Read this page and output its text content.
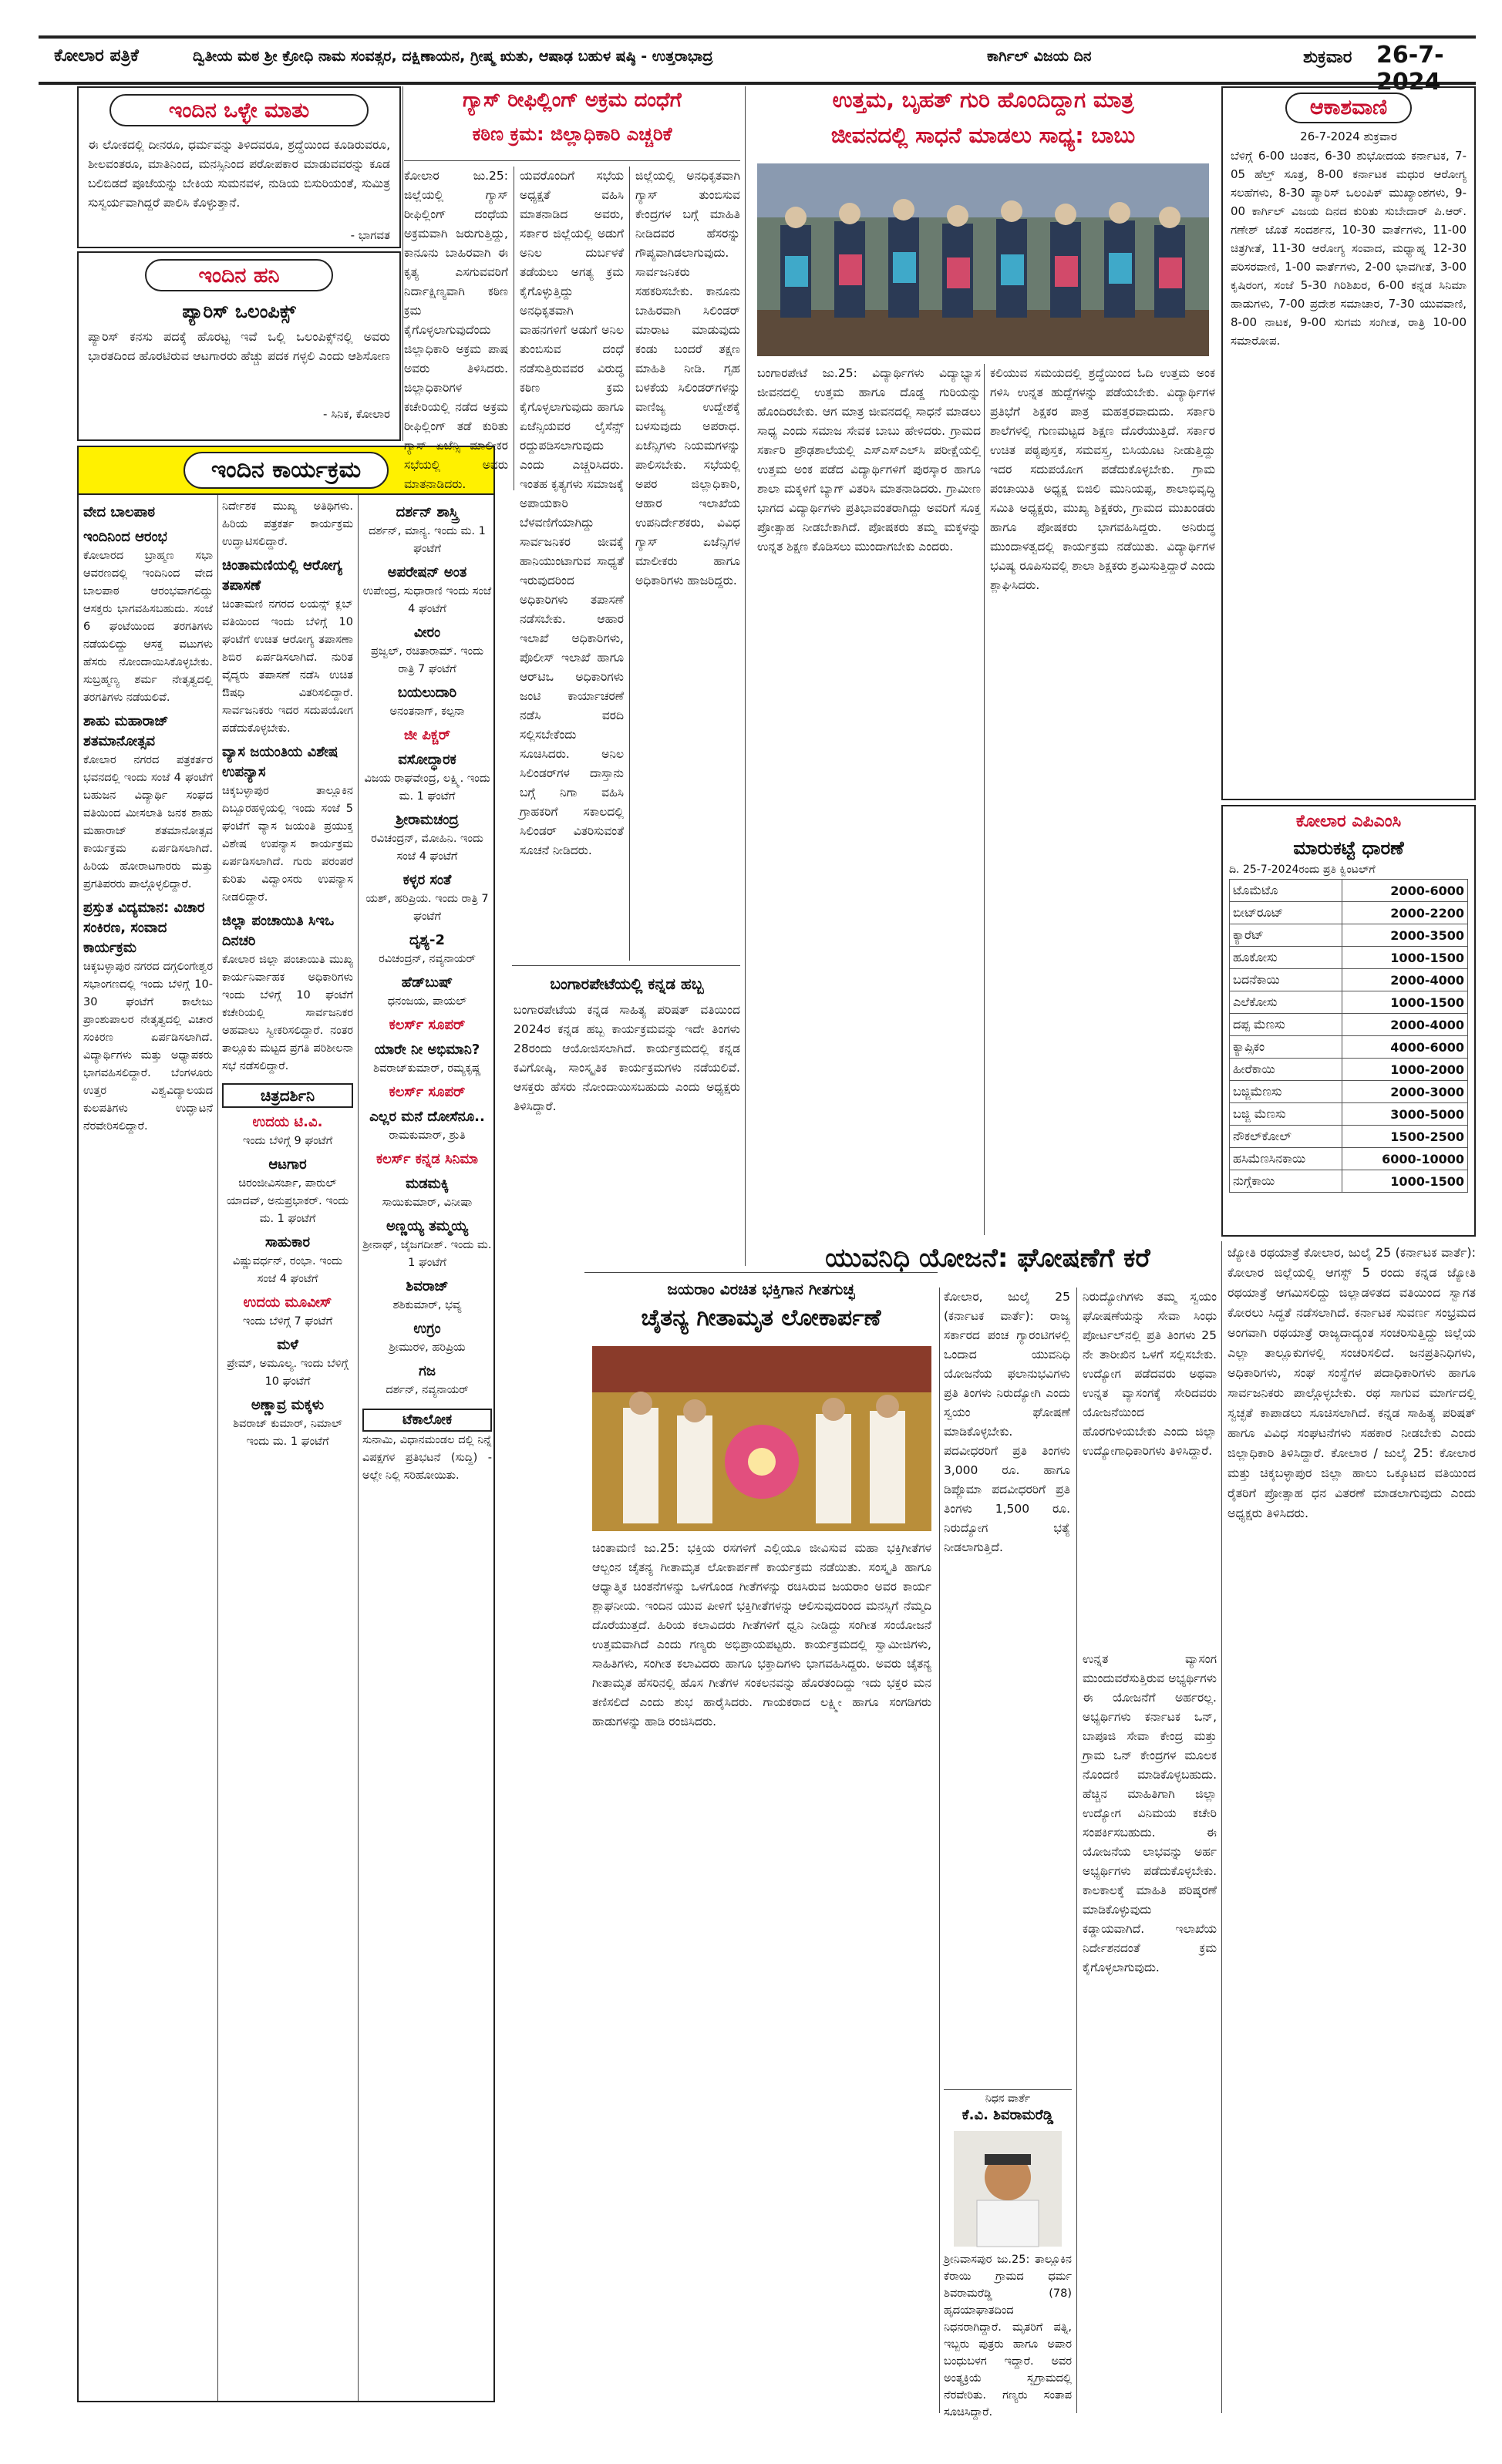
ಕೋಲಾರ ಪತ್ರಿಕೆ	ದ್ವಿತೀಯ ಮಠ ಶ್ರೀ ಕ್ರೋಧಿ ನಾಮ ಸಂವತ್ಸರ, ದಕ್ಷಿಣಾಯನ, ಗ್ರೀಷ್ಮ ಋತು, ಆಷಾಢ ಬಹುಳ ಷಷ್ಠಿ - ಉತ್ತರಾಭಾದ್ರ	ಕಾರ್ಗಿಲ್ ವಿಜಯ ದಿನ	ಶುಕ್ರವಾರ 26-7-2024
ಇಂದಿನ ಒಳ್ಳೇ ಮಾತು
ಈ ಲೋಕದಲ್ಲಿ ದೀನರೂ, ಧರ್ಮವನ್ನು ತಿಳಿದವರೂ, ಶ್ರದ್ಧೆಯಿಂದ ಕೂಡಿರುವರೂ, ಶೀಲವಂತರೂ, ಮಾತಿನಿಂದ, ಮನಸ್ಸಿನಿಂದ ಪರೋಪಕಾರ ಮಾಡುವವರನ್ನು ಕೂಡ ಬಲಿಬಿಡದೆ ಪೂಜೆಯನ್ನು ಬೇಕಿಯ ಸುಮನವಳ, ನುಡಿಯ ಬಿಸುರಿಯಂತೆ, ಸುಮಿತ್ರ ಸುಸ್ವರ್ಯವಾಗಿದ್ದರೆ ಪಾಲಿಸಿ ಕೊಳ್ಳುತ್ತಾನೆ.
- ಭಾಗವತ
ಇಂದಿನ ಹನಿ
ಪ್ಯಾರಿಸ್ ಒಲಂಪಿಕ್ಸ್
ಪ್ಯಾರಿಸ್ ಕನಸು ಪದಕ್ಕೆ ಹೊರಟ್ಟ ಇವೆ ಒಲ್ಲಿ ಒಲಂಪಿಕ್ಸ್‌ನಲ್ಲಿ ಅವರು ಭಾರತದಿಂದ ಹೊರಟಿರುವ ಆಟಗಾರರು ಹೆಚ್ಚು ಪದಕ ಗಳ್ಳಲಿ ಎಂದು ಆಶಿಸೋಣ
- ಸಿನಿಕ, ಕೋಲಾರ
ಇಂದಿನ ಕಾರ್ಯಕ್ರಮ
ವೇದ ಬಾಲಪಾಠ
ಇಂದಿನಿಂದ ಆರಂಭ
ಕೋಲಾರದ ಬ್ರಾಹ್ಮಣ ಸಭಾ ಆವರಣದಲ್ಲಿ ಇಂದಿನಿಂದ ವೇದ ಬಾಲಪಾಠ ಆರಂಭವಾಗಲಿದ್ದು ಆಸಕ್ತರು ಭಾಗವಹಿಸಬಹುದು. ಸಂಜೆ 6 ಘಂಟೆಯಿಂದ ತರಗತಿಗಳು ನಡೆಯಲಿದ್ದು ಆಸಕ್ತ ವಟುಗಳು ಹೆಸರು ನೋಂದಾಯಿಸಿಕೊಳ್ಳಬೇಕು. ಸುಬ್ರಹ್ಮಣ್ಯ ಶರ್ಮ ನೇತೃತ್ವದಲ್ಲಿ ತರಗತಿಗಳು ನಡೆಯಲಿವೆ.
ಶಾಹು ಮಹಾರಾಜ್ ಶತಮಾನೋತ್ಸವ
ಕೋಲಾರ ನಗರದ ಪತ್ರಕರ್ತರ ಭವನದಲ್ಲಿ ಇಂದು ಸಂಜೆ 4 ಘಂಟೆಗೆ ಬಹುಜನ ವಿದ್ಯಾರ್ಥಿ ಸಂಘದ ವತಿಯಿಂದ ಮೀಸಲಾತಿ ಜನಕ ಶಾಹು ಮಹಾರಾಜ್ ಶತಮಾನೋತ್ಸವ ಕಾರ್ಯಕ್ರಮ ಏರ್ಪಡಿಸಲಾಗಿದೆ. ಹಿರಿಯ ಹೋರಾಟಗಾರರು ಮತ್ತು ಪ್ರಗತಿಪರರು ಪಾಲ್ಗೊಳ್ಳಲಿದ್ದಾರೆ.
ಪ್ರಸ್ತುತ ವಿದ್ಯಮಾನ: ವಿಚಾರ ಸಂಕಿರಣ, ಸಂವಾದ ಕಾರ್ಯಕ್ರಮ
ಚಿಕ್ಕಬಳ್ಳಾಪುರ ನಗರದ ದಗ್ಗಲಿಂಗೇಶ್ವರ ಸಭಾಂಗಣದಲ್ಲಿ ಇಂದು ಬೆಳಿಗ್ಗೆ 10-30 ಘಂಟೆಗೆ ಕಾಲೇಜು ಪ್ರಾಂಶುಪಾಲರ ನೇತೃತ್ವದಲ್ಲಿ ವಿಚಾರ ಸಂಕಿರಣ ಏರ್ಪಡಿಸಲಾಗಿದೆ. ವಿದ್ಯಾರ್ಥಿಗಳು ಮತ್ತು ಅಧ್ಯಾಪಕರು ಭಾಗವಹಿಸಲಿದ್ದಾರೆ. ಬೆಂಗಳೂರು ಉತ್ತರ ವಿಶ್ವವಿದ್ಯಾಲಯದ ಕುಲಪತಿಗಳು ಉದ್ಘಾಟನೆ ನೆರವೇರಿಸಲಿದ್ದಾರೆ.
ನಿರ್ದೇಶಕ ಮುಖ್ಯ ಅತಿಥಿಗಳು. ಹಿರಿಯ ಪತ್ರಕರ್ತ ಕಾರ್ಯಕ್ರಮ ಉದ್ಘಾಟಿಸಲಿದ್ದಾರೆ.
ಚಿಂತಾಮಣಿಯಲ್ಲಿ ಆರೋಗ್ಯ ತಪಾಸಣೆ
ಚಿಂತಾಮಣಿ ನಗರದ ಲಯನ್ಸ್ ಕ್ಲಬ್ ವತಿಯಿಂದ ಇಂದು ಬೆಳಿಗ್ಗೆ 10 ಘಂಟೆಗೆ ಉಚಿತ ಆರೋಗ್ಯ ತಪಾಸಣಾ ಶಿಬಿರ ಏರ್ಪಡಿಸಲಾಗಿದೆ. ನುರಿತ ವೈದ್ಯರು ತಪಾಸಣೆ ನಡೆಸಿ ಉಚಿತ ಔಷಧಿ ವಿತರಿಸಲಿದ್ದಾರೆ. ಸಾರ್ವಜನಿಕರು ಇದರ ಸದುಪಯೋಗ ಪಡೆದುಕೊಳ್ಳಬೇಕು.
ವ್ಯಾಸ ಜಯಂತಿಯ ವಿಶೇಷ ಉಪನ್ಯಾಸ
ಚಿಕ್ಕಬಳ್ಳಾಪುರ ತಾಲ್ಲೂಕಿನ ದಿಬ್ಬೂರಹಳ್ಳಿಯಲ್ಲಿ ಇಂದು ಸಂಜೆ 5 ಘಂಟೆಗೆ ವ್ಯಾಸ ಜಯಂತಿ ಪ್ರಯುಕ್ತ ವಿಶೇಷ ಉಪನ್ಯಾಸ ಕಾರ್ಯಕ್ರಮ ಏರ್ಪಡಿಸಲಾಗಿದೆ. ಗುರು ಪರಂಪರೆ ಕುರಿತು ವಿದ್ವಾಂಸರು ಉಪನ್ಯಾಸ ನೀಡಲಿದ್ದಾರೆ.
ಜಿಲ್ಲಾ ಪಂಚಾಯಿತಿ ಸಿಇಒ ದಿನಚರಿ
ಕೋಲಾರ ಜಿಲ್ಲಾ ಪಂಚಾಯಿತಿ ಮುಖ್ಯ ಕಾರ್ಯನಿರ್ವಾಹಕ ಅಧಿಕಾರಿಗಳು ಇಂದು ಬೆಳಿಗ್ಗೆ 10 ಘಂಟೆಗೆ ಕಚೇರಿಯಲ್ಲಿ ಸಾರ್ವಜನಿಕರ ಅಹವಾಲು ಸ್ವೀಕರಿಸಲಿದ್ದಾರೆ. ನಂತರ ತಾಲ್ಲೂಕು ಮಟ್ಟದ ಪ್ರಗತಿ ಪರಿಶೀಲನಾ ಸಭೆ ನಡೆಸಲಿದ್ದಾರೆ.
ಚಿತ್ರದರ್ಶಿನಿ
ಉದಯ ಟಿ.ವಿ.
ಇಂದು ಬೆಳಿಗ್ಗೆ 9 ಘಂಟೆಗೆ
ಆಟಗಾರ
ಚಿರಂಜೀವಿಸರ್ಜಾ, ಪಾರುಲ್ ಯಾದವ್, ಅನುಪ್ರಭಾಕರ್. ಇಂದು ಮ. 1 ಘಂಟೆಗೆ
ಸಾಹುಕಾರ
ವಿಷ್ಣುವರ್ಧನ್, ರಂಭಾ. ಇಂದು ಸಂಜೆ 4 ಘಂಟೆಗೆ
ಉದಯ ಮೂವೀಸ್
ಇಂದು ಬೆಳಿಗ್ಗೆ 7 ಘಂಟೆಗೆ
ಮಳೆ
ಪ್ರೇಮ್, ಅಮೂಲ್ಯ. ಇಂದು ಬೆಳಿಗ್ಗೆ 10 ಘಂಟೆಗೆ
ಅಣ್ಣಾವ್ರ ಮಕ್ಕಳು
ಶಿವರಾಜ್ ಕುಮಾರ್, ನಿಮಾಲ್ ಇಂದು ಮ. 1 ಘಂಟೆಗೆ
ದರ್ಶನ್ ಶಾಸ್ತ್ರಿ
ದರ್ಶನ್, ಮಾನ್ಯ. ಇಂದು ಮ. 1 ಘಂಟೆಗೆ
ಅಪರೇಷನ್ ಅಂತ
ಉಪೇಂದ್ರ, ಸುಧಾರಾಣಿ ಇಂದು ಸಂಜೆ 4 ಘಂಟೆಗೆ
ವೀರಂ
ಪ್ರಜ್ವಲ್, ರಚಿತಾರಾಮ್. ಇಂದು ರಾತ್ರಿ 7 ಘಂಟೆಗೆ
ಬಯಲುದಾರಿ
ಅನಂತನಾಗ್, ಕಲ್ಪನಾ
ಜೀ ಪಿಕ್ಚರ್
ವಸೋದ್ಧಾರಕ
ವಿಜಯ ರಾಘವೇಂದ್ರ, ಲಕ್ಷ್ಮಿ. ಇಂದು ಮ. 1 ಘಂಟೆಗೆ
ಶ್ರೀರಾಮಚಂದ್ರ
ರವಿಚಂದ್ರನ್, ಮೋಹಿನಿ. ಇಂದು ಸಂಜೆ 4 ಘಂಟೆಗೆ
ಕಳ್ಳರ ಸಂತೆ
ಯಶ್, ಹರಿಪ್ರಿಯ. ಇಂದು ರಾತ್ರಿ 7 ಘಂಟೆಗೆ
ದೃಶ್ಯ-2
ರವಿಚಂದ್ರನ್, ನವ್ಯನಾಯರ್
ಹೆಡ್‌ಬುಷ್
ಧನಂಜಯ, ಪಾಯಲ್
ಕಲರ್ಸ್ ಸೂಪರ್
ಯಾರೇ ನೀ ಅಭಿಮಾನಿ?
ಶಿವರಾಜ್‌ಕುಮಾರ್, ರಮ್ಯಕೃಷ್ಣ
ಕಲರ್ಸ್ ಸೂಪರ್
ಎಲ್ಲರ ಮನೆ ದೋಸೆನೂ..
ರಾಮಕುಮಾರ್, ಶ್ರುತಿ
ಕಲರ್ಸ್ ಕನ್ನಡ ಸಿನಿಮಾ
ಮಡಮಕ್ಕಿ
ಸಾಯಿಕುಮಾರ್, ವಿನೀಷಾ
ಅಣ್ಣಯ್ಯ ತಮ್ಮಯ್ಯ
ಶ್ರೀನಾಥ್, ಜೈಜಗದೀಶ್. ಇಂದು ಮ. 1 ಘಂಟೆಗೆ
ಶಿವರಾಜ್
ಶಶಿಕುಮಾರ್, ಭವ್ಯ
ಉಗ್ರಂ
ಶ್ರೀಮುರಳಿ, ಹರಿಪ್ರಿಯ
ಗಜ
ದರ್ಶನ್, ನವ್ಯನಾಯರ್
ಟೆಕಾಲೋಕ
ಸುನಾಮಿ, ವಿಧಾನಮಂಡಲ ದಲ್ಲಿ ನಿನ್ನೆ ವಿಪಕ್ಷಗಳ ಪ್ರತಿಭಟನೆ (ಸುದ್ದಿ) - ಅಲ್ಲೇ ನಿಲ್ಲಿ ಸರಿಹೋಯಿತು.
ಗ್ಯಾಸ್ ರೀಫಿಲ್ಲಿಂಗ್ ಅಕ್ರಮ ದಂಧೆಗೆ
ಕಠಿಣ ಕ್ರಮ: ಜಿಲ್ಲಾಧಿಕಾರಿ ಎಚ್ಚರಿಕೆ
ಕೋಲಾರ ಜು.25: ಜಿಲ್ಲೆಯಲ್ಲಿ ಗ್ಯಾಸ್ ರೀಫಿಲ್ಲಿಂಗ್ ದಂಧೆಯ ಅಕ್ರಮವಾಗಿ ಜರುಗುತ್ತಿದ್ದು, ಕಾನೂನು ಬಾಹಿರವಾಗಿ ಈ ಕೃತ್ಯ ಎಸಗುವವರಿಗೆ ನಿರ್ದಾಕ್ಷಿಣ್ಯವಾಗಿ ಕಠಿಣ ಕ್ರಮ ಕೈಗೊಳ್ಳಲಾಗುವುದೆಂದು ಜಿಲ್ಲಾಧಿಕಾರಿ ಅಕ್ರಮ ಪಾಷ ಅವರು ತಿಳಿಸಿದರು. ಜಿಲ್ಲಾಧಿಕಾರಿಗಳ ಕಚೇರಿಯಲ್ಲಿ ನಡೆದ ಅಕ್ರಮ ರೀಫಿಲ್ಲಿಂಗ್ ತಡೆ ಕುರಿತು ಗ್ಯಾಸ್ ಏಜೆನ್ಸಿ ಮಾಲೀಕರ ಸಭೆಯಲ್ಲಿ ಅವರು ಮಾತನಾಡಿದರು.
ಯವರೊಂದಿಗೆ ಸಭೆಯ ಅಧ್ಯಕ್ಷತೆ ವಹಿಸಿ ಮಾತನಾಡಿದ ಅವರು, ಸರ್ಕಾರ ಜಿಲ್ಲೆಯಲ್ಲಿ ಅಡುಗೆ ಅನಿಲ ದುರ್ಬಳಕೆ ತಡೆಯಲು ಅಗತ್ಯ ಕ್ರಮ ಕೈಗೊಳ್ಳುತ್ತಿದ್ದು ಅನಧಿಕೃತವಾಗಿ ವಾಹನಗಳಿಗೆ ಅಡುಗೆ ಅನಿಲ ತುಂಬಿಸುವ ದಂಧೆ ನಡೆಸುತ್ತಿರುವವರ ವಿರುದ್ಧ ಕಠಿಣ ಕ್ರಮ ಕೈಗೊಳ್ಳಲಾಗುವುದು ಹಾಗೂ ಏಜೆನ್ಸಿಯವರ ಲೈಸೆನ್ಸ್ ರದ್ದುಪಡಿಸಲಾಗುವುದು ಎಂದು ಎಚ್ಚರಿಸಿದರು. ಇಂತಹ ಕೃತ್ಯಗಳು ಸಮಾಜಕ್ಕೆ ಅಪಾಯಕಾರಿ ಬೆಳವಣಿಗೆಯಾಗಿದ್ದು ಸಾರ್ವಜನಿಕರ ಜೀವಕ್ಕೆ ಹಾನಿಯುಂಟಾಗುವ ಸಾಧ್ಯತೆ ಇರುವುದರಿಂದ ಅಧಿಕಾರಿಗಳು ತಪಾಸಣೆ ನಡೆಸಬೇಕು. ಆಹಾರ ಇಲಾಖೆ ಅಧಿಕಾರಿಗಳು, ಪೊಲೀಸ್ ಇಲಾಖೆ ಹಾಗೂ ಆರ್‌ಟಿಒ ಅಧಿಕಾರಿಗಳು ಜಂಟಿ ಕಾರ್ಯಾಚರಣೆ ನಡೆಸಿ ವರದಿ ಸಲ್ಲಿಸಬೇಕೆಂದು ಸೂಚಿಸಿದರು. ಅನಿಲ ಸಿಲಿಂಡರ್‌ಗಳ ದಾಸ್ತಾನು ಬಗ್ಗೆ ನಿಗಾ ವಹಿಸಿ ಗ್ರಾಹಕರಿಗೆ ಸಕಾಲದಲ್ಲಿ ಸಿಲಿಂಡರ್ ವಿತರಿಸುವಂತೆ ಸೂಚನೆ ನೀಡಿದರು.
ಜಿಲ್ಲೆಯಲ್ಲಿ ಅನಧಿಕೃತವಾಗಿ ಗ್ಯಾಸ್ ತುಂಬಿಸುವ ಕೇಂದ್ರಗಳ ಬಗ್ಗೆ ಮಾಹಿತಿ ನೀಡಿದವರ ಹೆಸರನ್ನು ಗೌಪ್ಯವಾಗಿಡಲಾಗುವುದು. ಸಾರ್ವಜನಿಕರು ಸಹಕರಿಸಬೇಕು. ಕಾನೂನು ಬಾಹಿರವಾಗಿ ಸಿಲಿಂಡರ್ ಮಾರಾಟ ಮಾಡುವುದು ಕಂಡು ಬಂದರೆ ತಕ್ಷಣ ಮಾಹಿತಿ ನೀಡಿ. ಗೃಹ ಬಳಕೆಯ ಸಿಲಿಂಡರ್‌ಗಳನ್ನು ವಾಣಿಜ್ಯ ಉದ್ದೇಶಕ್ಕೆ ಬಳಸುವುದು ಅಪರಾಧ. ಏಜೆನ್ಸಿಗಳು ನಿಯಮಗಳನ್ನು ಪಾಲಿಸಬೇಕು. ಸಭೆಯಲ್ಲಿ ಅಪರ ಜಿಲ್ಲಾಧಿಕಾರಿ, ಆಹಾರ ಇಲಾಖೆಯ ಉಪನಿರ್ದೇಶಕರು, ವಿವಿಧ ಗ್ಯಾಸ್ ಏಜೆನ್ಸಿಗಳ ಮಾಲೀಕರು ಹಾಗೂ ಅಧಿಕಾರಿಗಳು ಹಾಜರಿದ್ದರು.
ಬಂಗಾರಪೇಟೆಯಲ್ಲಿ ಕನ್ನಡ ಹಬ್ಬ
ಬಂಗಾರಪೇಟೆಯ ಕನ್ನಡ ಸಾಹಿತ್ಯ ಪರಿಷತ್ ವತಿಯಿಂದ 2024ರ ಕನ್ನಡ ಹಬ್ಬ ಕಾರ್ಯಕ್ರಮವನ್ನು ಇದೇ ತಿಂಗಳು 28ರಂದು ಆಯೋಜಿಸಲಾಗಿದೆ. ಕಾರ್ಯಕ್ರಮದಲ್ಲಿ ಕನ್ನಡ ಕವಿಗೋಷ್ಠಿ, ಸಾಂಸ್ಕೃತಿಕ ಕಾರ್ಯಕ್ರಮಗಳು ನಡೆಯಲಿವೆ. ಆಸಕ್ತರು ಹೆಸರು ನೋಂದಾಯಿಸಬಹುದು ಎಂದು ಅಧ್ಯಕ್ಷರು ತಿಳಿಸಿದ್ದಾರೆ.
ಉತ್ತಮ, ಬೃಹತ್ ಗುರಿ ಹೊಂದಿದ್ದಾಗ ಮಾತ್ರ
ಜೀವನದಲ್ಲಿ ಸಾಧನೆ ಮಾಡಲು ಸಾಧ್ಯ: ಬಾಬು
ಬಂಗಾರಪೇಟೆ ಜು.25: ವಿದ್ಯಾರ್ಥಿಗಳು ವಿದ್ಯಾಭ್ಯಾಸ ಜೀವನದಲ್ಲಿ ಉತ್ತಮ ಹಾಗೂ ದೊಡ್ಡ ಗುರಿಯನ್ನು ಹೊಂದಿರಬೇಕು. ಆಗ ಮಾತ್ರ ಜೀವನದಲ್ಲಿ ಸಾಧನೆ ಮಾಡಲು ಸಾಧ್ಯ ಎಂದು ಸಮಾಜ ಸೇವಕ ಬಾಬು ಹೇಳಿದರು. ಗ್ರಾಮದ ಸರ್ಕಾರಿ ಪ್ರೌಢಶಾಲೆಯಲ್ಲಿ ಎಸ್‌ಎಸ್‌ಎಲ್‌ಸಿ ಪರೀಕ್ಷೆಯಲ್ಲಿ ಉತ್ತಮ ಅಂಕ ಪಡೆದ ವಿದ್ಯಾರ್ಥಿಗಳಿಗೆ ಪುರಸ್ಕಾರ ಹಾಗೂ ಶಾಲಾ ಮಕ್ಕಳಿಗೆ ಬ್ಯಾಗ್ ವಿತರಿಸಿ ಮಾತನಾಡಿದರು. ಗ್ರಾಮೀಣ ಭಾಗದ ವಿದ್ಯಾರ್ಥಿಗಳು ಪ್ರತಿಭಾವಂತರಾಗಿದ್ದು ಅವರಿಗೆ ಸೂಕ್ತ ಪ್ರೋತ್ಸಾಹ ನೀಡಬೇಕಾಗಿದೆ. ಪೋಷಕರು ತಮ್ಮ ಮಕ್ಕಳನ್ನು ಉನ್ನತ ಶಿಕ್ಷಣ ಕೊಡಿಸಲು ಮುಂದಾಗಬೇಕು ಎಂದರು.
ಕಲಿಯುವ ಸಮಯದಲ್ಲಿ ಶ್ರದ್ಧೆಯಿಂದ ಓದಿ ಉತ್ತಮ ಅಂಕ ಗಳಿಸಿ ಉನ್ನತ ಹುದ್ದೆಗಳನ್ನು ಪಡೆಯಬೇಕು. ವಿದ್ಯಾರ್ಥಿಗಳ ಪ್ರತಿಭೆಗೆ ಶಿಕ್ಷಕರ ಪಾತ್ರ ಮಹತ್ತರವಾದುದು. ಸರ್ಕಾರಿ ಶಾಲೆಗಳಲ್ಲಿ ಗುಣಮಟ್ಟದ ಶಿಕ್ಷಣ ದೊರೆಯುತ್ತಿದೆ. ಸರ್ಕಾರ ಉಚಿತ ಪಠ್ಯಪುಸ್ತಕ, ಸಮವಸ್ತ್ರ, ಬಿಸಿಯೂಟ ನೀಡುತ್ತಿದ್ದು ಇದರ ಸದುಪಯೋಗ ಪಡೆದುಕೊಳ್ಳಬೇಕು. ಗ್ರಾಮ ಪಂಚಾಯಿತಿ ಅಧ್ಯಕ್ಷ ಬಿಜಿಲಿ ಮುನಿಯಪ್ಪ, ಶಾಲಾಭಿವೃದ್ಧಿ ಸಮಿತಿ ಅಧ್ಯಕ್ಷರು, ಮುಖ್ಯ ಶಿಕ್ಷಕರು, ಗ್ರಾಮದ ಮುಖಂಡರು ಹಾಗೂ ಪೋಷಕರು ಭಾಗವಹಿಸಿದ್ದರು. ಅನಿರುದ್ಧ ಮುಂದಾಳತ್ವದಲ್ಲಿ ಕಾರ್ಯಕ್ರಮ ನಡೆಯಿತು. ವಿದ್ಯಾರ್ಥಿಗಳ ಭವಿಷ್ಯ ರೂಪಿಸುವಲ್ಲಿ ಶಾಲಾ ಶಿಕ್ಷಕರು ಶ್ರಮಿಸುತ್ತಿದ್ದಾರೆ ಎಂದು ಶ್ಲಾಘಿಸಿದರು.
ಆಕಾಶವಾಣಿ
26-7-2024 ಶುಕ್ರವಾರ
ಬೆಳಿಗ್ಗೆ 6-00 ಚಿಂತನ, 6-30 ಶುಭೋದಯ ಕರ್ನಾಟಕ, 7-05 ಹೆಲ್ತ್ ಸೂತ್ರ, 8-00 ಕರ್ನಾಟಕ ಮಧುರ ಆರೋಗ್ಯ ಸಲಹೆಗಳು, 8-30 ಪ್ಯಾರಿಸ್ ಒಲಂಪಿಕ್ ಮುಖ್ಯಾಂಶಗಳು, 9-00 ಕಾರ್ಗಿಲ್ ವಿಜಯ ದಿನದ ಕುರಿತು ಸುಬೇದಾರ್ ಪಿ.ಆರ್. ಗಣೇಶ್ ಜೊತೆ ಸಂದರ್ಶನ, 10-30 ವಾರ್ತೆಗಳು, 11-00 ಚಿತ್ರಗೀತೆ, 11-30 ಆರೋಗ್ಯ ಸಂವಾದ, ಮಧ್ಯಾಹ್ನ 12-30 ಪರಿಸರವಾಣಿ, 1-00 ವಾರ್ತೆಗಳು, 2-00 ಭಾವಗೀತೆ, 3-00 ಕೃಷಿರಂಗ, ಸಂಜೆ 5-30 ಗಿರಿಶಿಖರ, 6-00 ಕನ್ನಡ ಸಿನಿಮಾ ಹಾಡುಗಳು, 7-00 ಪ್ರದೇಶ ಸಮಾಚಾರ, 7-30 ಯುವವಾಣಿ, 8-00 ನಾಟಕ, 9-00 ಸುಗಮ ಸಂಗೀತ, ರಾತ್ರಿ 10-00 ಸಮಾರೋಪ.
ಕೋಲಾರ ಎಪಿಎಂಸಿ
ಮಾರುಕಟ್ಟೆ ಧಾರಣೆ
ದಿ. 25-7-2024ರಂದು ಪ್ರತಿ ಕ್ವಿಂಟಲ್‌ಗೆ
ಟೊಮೆಟೊ	2000-6000
ಬೀಟ್‌ರೂಟ್	2000-2200
ಕ್ಯಾರೆಟ್	2000-3500
ಹೂಕೋಸು	1000-1500
ಬದನೆಕಾಯಿ	2000-4000
ಎಲೆಕೋಸು	1000-1500
ದಪ್ಪ ಮೆಣಸು	2000-4000
ಕ್ಯಾಪ್ಸಿಕಂ	4000-6000
ಹೀರೆಕಾಯಿ	1000-2000
ಬಜ್ಜಿಮೆಣಸು	2000-3000
ಬಜ್ಜಿ ಮೆಣಸು	3000-5000
ನೌಕಲ್‌ಕೋಲ್	1500-2500
ಹಸಿಮೆಣಸಿನಕಾಯಿ	6000-10000
ನುಗ್ಗೆಕಾಯಿ	1000-1500
ಜಯರಾಂ ವಿರಚಿತ ಭಕ್ತಿಗಾನ ಗೀತಗುಚ್ಛ
ಚೈತನ್ಯ ಗೀತಾಮೃತ ಲೋಕಾರ್ಪಣೆ
ಚಿಂತಾಮಣಿ ಜು.25: ಭಕ್ತಿಯ ರಸಗಳಿಗೆ ಎಲ್ಲಿಯೂ ಜೀವಿಸುವ ಮಹಾ ಭಕ್ತಿಗೀತೆಗಳ ಆಲ್ಬಂನ ಚೈತನ್ಯ ಗೀತಾಮೃತ ಲೋಕಾರ್ಪಣೆ ಕಾರ್ಯಕ್ರಮ ನಡೆಯಿತು. ಸಂಸ್ಕೃತಿ ಹಾಗೂ ಆಧ್ಯಾತ್ಮಿಕ ಚಿಂತನೆಗಳನ್ನು ಒಳಗೊಂಡ ಗೀತೆಗಳನ್ನು ರಚಿಸಿರುವ ಜಯರಾಂ ಅವರ ಕಾರ್ಯ ಶ್ಲಾಘನೀಯ. ಇಂದಿನ ಯುವ ಪೀಳಿಗೆ ಭಕ್ತಿಗೀತೆಗಳನ್ನು ಆಲಿಸುವುದರಿಂದ ಮನಸ್ಸಿಗೆ ನೆಮ್ಮದಿ ದೊರೆಯುತ್ತದೆ. ಹಿರಿಯ ಕಲಾವಿದರು ಗೀತೆಗಳಿಗೆ ಧ್ವನಿ ನೀಡಿದ್ದು ಸಂಗೀತ ಸಂಯೋಜನೆ ಉತ್ತಮವಾಗಿದೆ ಎಂದು ಗಣ್ಯರು ಅಭಿಪ್ರಾಯಪಟ್ಟರು. ಕಾರ್ಯಕ್ರಮದಲ್ಲಿ ಸ್ವಾಮೀಜಿಗಳು, ಸಾಹಿತಿಗಳು, ಸಂಗೀತ ಕಲಾವಿದರು ಹಾಗೂ ಭಕ್ತಾದಿಗಳು ಭಾಗವಹಿಸಿದ್ದರು. ಅವರು ಚೈತನ್ಯ ಗೀತಾಮೃತ ಹೆಸರಿನಲ್ಲಿ ಹೊಸ ಗೀತೆಗಳ ಸಂಕಲನವನ್ನು ಹೊರತಂದಿದ್ದು ಇದು ಭಕ್ತರ ಮನ ತಣಿಸಲಿದೆ ಎಂದು ಶುಭ ಹಾರೈಸಿದರು. ಗಾಯಕರಾದ ಲಕ್ಷ್ಮೀ ಹಾಗೂ ಸಂಗಡಿಗರು ಹಾಡುಗಳನ್ನು ಹಾಡಿ ರಂಜಿಸಿದರು.
ಯುವನಿಧಿ ಯೋಜನೆ: ಘೋಷಣೆಗೆ ಕರೆ
ಕೋಲಾರ, ಜುಲೈ 25 (ಕರ್ನಾಟಕ ವಾರ್ತೆ): ರಾಜ್ಯ ಸರ್ಕಾರದ ಪಂಚ ಗ್ಯಾರಂಟಿಗಳಲ್ಲಿ ಒಂದಾದ ಯುವನಿಧಿ ಯೋಜನೆಯ ಫಲಾನುಭವಿಗಳು ಪ್ರತಿ ತಿಂಗಳು ನಿರುದ್ಯೋಗಿ ಎಂದು ಸ್ವಯಂ ಘೋಷಣೆ ಮಾಡಿಕೊಳ್ಳಬೇಕು. ಪದವೀಧರರಿಗೆ ಪ್ರತಿ ತಿಂಗಳು 3,000 ರೂ. ಹಾಗೂ ಡಿಪ್ಲೊಮಾ ಪದವೀಧರರಿಗೆ ಪ್ರತಿ ತಿಂಗಳು 1,500 ರೂ. ನಿರುದ್ಯೋಗ ಭತ್ಯೆ ನೀಡಲಾಗುತ್ತಿದೆ.
ನಿರುದ್ಯೋಗಿಗಳು ತಮ್ಮ ಸ್ವಯಂ ಘೋಷಣೆಯನ್ನು ಸೇವಾ ಸಿಂಧು ಪೋರ್ಟಲ್‌ನಲ್ಲಿ ಪ್ರತಿ ತಿಂಗಳು 25 ನೇ ತಾರೀಖಿನ ಒಳಗೆ ಸಲ್ಲಿಸಬೇಕು. ಉದ್ಯೋಗ ಪಡೆದವರು ಅಥವಾ ಉನ್ನತ ವ್ಯಾಸಂಗಕ್ಕೆ ಸೇರಿದವರು ಯೋಜನೆಯಿಂದ ಹೊರಗುಳಿಯಬೇಕು ಎಂದು ಜಿಲ್ಲಾ ಉದ್ಯೋಗಾಧಿಕಾರಿಗಳು ತಿಳಿಸಿದ್ದಾರೆ.
ನಿಧನ ವಾರ್ತೆ
ಕೆ.ವಿ. ಶಿವರಾಮರೆಡ್ಡಿ
ಶ್ರೀನಿವಾಸಪುರ ಜು.25: ತಾಲ್ಲೂಕಿನ ಕೆರಾಯಿ ಗ್ರಾಮದ ಧರ್ಮ ಶಿವರಾಮರೆಡ್ಡಿ (78) ಹೃದಯಾಘಾತದಿಂದ ನಿಧನರಾಗಿದ್ದಾರೆ. ಮೃತರಿಗೆ ಪತ್ನಿ, ಇಬ್ಬರು ಪುತ್ರರು ಹಾಗೂ ಅಪಾರ ಬಂಧುಬಳಗ ಇದ್ದಾರೆ. ಅವರ ಅಂತ್ಯಕ್ರಿಯೆ ಸ್ವಗ್ರಾಮದಲ್ಲಿ ನೆರವೇರಿತು. ಗಣ್ಯರು ಸಂತಾಪ ಸೂಚಿಸಿದ್ದಾರೆ.
ಉನ್ನತ ವ್ಯಾಸಂಗ ಮುಂದುವರೆಸುತ್ತಿರುವ ಅಭ್ಯರ್ಥಿಗಳು ಈ ಯೋಜನೆಗೆ ಅರ್ಹರಲ್ಲ. ಅಭ್ಯರ್ಥಿಗಳು ಕರ್ನಾಟಕ ಒನ್, ಬಾಪೂಜಿ ಸೇವಾ ಕೇಂದ್ರ ಮತ್ತು ಗ್ರಾಮ ಒನ್ ಕೇಂದ್ರಗಳ ಮೂಲಕ ನೊಂದಣಿ ಮಾಡಿಕೊಳ್ಳಬಹುದು. ಹೆಚ್ಚಿನ ಮಾಹಿತಿಗಾಗಿ ಜಿಲ್ಲಾ ಉದ್ಯೋಗ ವಿನಿಮಯ ಕಚೇರಿ ಸಂಪರ್ಕಿಸಬಹುದು. ಈ ಯೋಜನೆಯ ಲಾಭವನ್ನು ಅರ್ಹ ಅಭ್ಯರ್ಥಿಗಳು ಪಡೆದುಕೊಳ್ಳಬೇಕು. ಕಾಲಕಾಲಕ್ಕೆ ಮಾಹಿತಿ ಪರಿಷ್ಕರಣೆ ಮಾಡಿಕೊಳ್ಳುವುದು ಕಡ್ಡಾಯವಾಗಿದೆ. ಇಲಾಖೆಯ ನಿರ್ದೇಶನದಂತೆ ಕ್ರಮ ಕೈಗೊಳ್ಳಲಾಗುವುದು.
ಜ್ಯೋತಿ ರಥಯಾತ್ರೆ ಕೋಲಾರ, ಜುಲೈ 25 (ಕರ್ನಾಟಕ ವಾರ್ತೆ): ಕೋಲಾರ ಜಿಲ್ಲೆಯಲ್ಲಿ ಆಗಸ್ಟ್ 5 ರಂದು ಕನ್ನಡ ಜ್ಯೋತಿ ರಥಯಾತ್ರೆ ಆಗಮಿಸಲಿದ್ದು ಜಿಲ್ಲಾಡಳಿತದ ವತಿಯಿಂದ ಸ್ವಾಗತ ಕೋರಲು ಸಿದ್ಧತೆ ನಡೆಸಲಾಗಿದೆ. ಕರ್ನಾಟಕ ಸುವರ್ಣ ಸಂಭ್ರಮದ ಅಂಗವಾಗಿ ರಥಯಾತ್ರೆ ರಾಜ್ಯದಾದ್ಯಂತ ಸಂಚರಿಸುತ್ತಿದ್ದು ಜಿಲ್ಲೆಯ ಎಲ್ಲಾ ತಾಲ್ಲೂಕುಗಳಲ್ಲಿ ಸಂಚರಿಸಲಿದೆ. ಜನಪ್ರತಿನಿಧಿಗಳು, ಅಧಿಕಾರಿಗಳು, ಸಂಘ ಸಂಸ್ಥೆಗಳ ಪದಾಧಿಕಾರಿಗಳು ಹಾಗೂ ಸಾರ್ವಜನಿಕರು ಪಾಲ್ಗೊಳ್ಳಬೇಕು. ರಥ ಸಾಗುವ ಮಾರ್ಗದಲ್ಲಿ ಸ್ವಚ್ಛತೆ ಕಾಪಾಡಲು ಸೂಚಿಸಲಾಗಿದೆ. ಕನ್ನಡ ಸಾಹಿತ್ಯ ಪರಿಷತ್ ಹಾಗೂ ವಿವಿಧ ಸಂಘಟನೆಗಳು ಸಹಕಾರ ನೀಡಬೇಕು ಎಂದು ಜಿಲ್ಲಾಧಿಕಾರಿ ತಿಳಿಸಿದ್ದಾರೆ. ಕೋಲಾರ / ಜುಲೈ 25: ಕೋಲಾರ ಮತ್ತು ಚಿಕ್ಕಬಳ್ಳಾಪುರ ಜಿಲ್ಲಾ ಹಾಲು ಒಕ್ಕೂಟದ ವತಿಯಿಂದ ರೈತರಿಗೆ ಪ್ರೋತ್ಸಾಹ ಧನ ವಿತರಣೆ ಮಾಡಲಾಗುವುದು ಎಂದು ಅಧ್ಯಕ್ಷರು ತಿಳಿಸಿದರು.
